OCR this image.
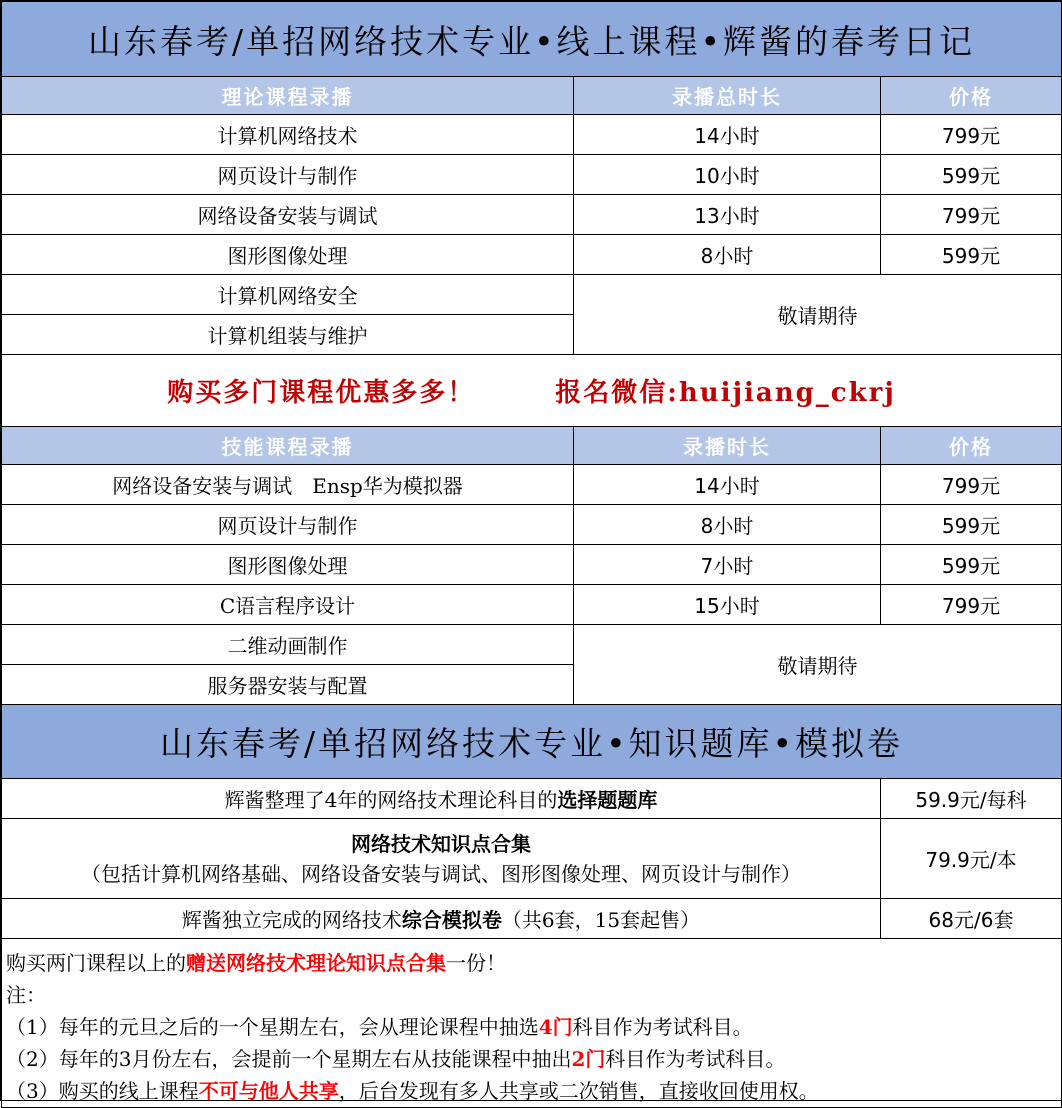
山东春考/单招网络技术专业•线上课程•辉酱的春考日记		
理论课程录播	录播总时长	价格
计算机网络技术	14小时	799元
网页设计与制作	10小时	599元
网络设备安装与调试	13小时	799元
图形图像处理	8小时	599元
计算机网络安全	敬请期待	
计算机组装与维护		
购买多门课程优惠多多！ 报名微信:huijiang_ckrj		
技能课程录播	录播时长	价格
网络设备安装与调试　Ensp华为模拟器	14小时	799元
网页设计与制作	8小时	599元
图形图像处理	7小时	599元
C语言程序设计	15小时	799元
二维动画制作	敬请期待	
服务器安装与配置		
山东春考/单招网络技术专业•知识题库•模拟卷		
辉酱整理了4年的网络技术理论科目的选择题题库		59.9元/每科

网络技术知识点合集
（包括计算机网络基础、网络设备安装与调试、图形图像处理、网页设计与制作）		79.9元/本
辉酱独立完成的网络技术综合模拟卷（共6套，15套起售）		68元/6套

购买两门课程以上的赠送网络技术理论知识点合集一份！
注：
（1）每年的元旦之后的一个星期左右，会从理论课程中抽选4门科目作为考试科目。
（2）每年的3月份左右，会提前一个星期左右从技能课程中抽出2门科目作为考试科目。
（3）购买的线上课程不可与他人共享，后台发现有多人共享或二次销售，直接收回使用权。		
